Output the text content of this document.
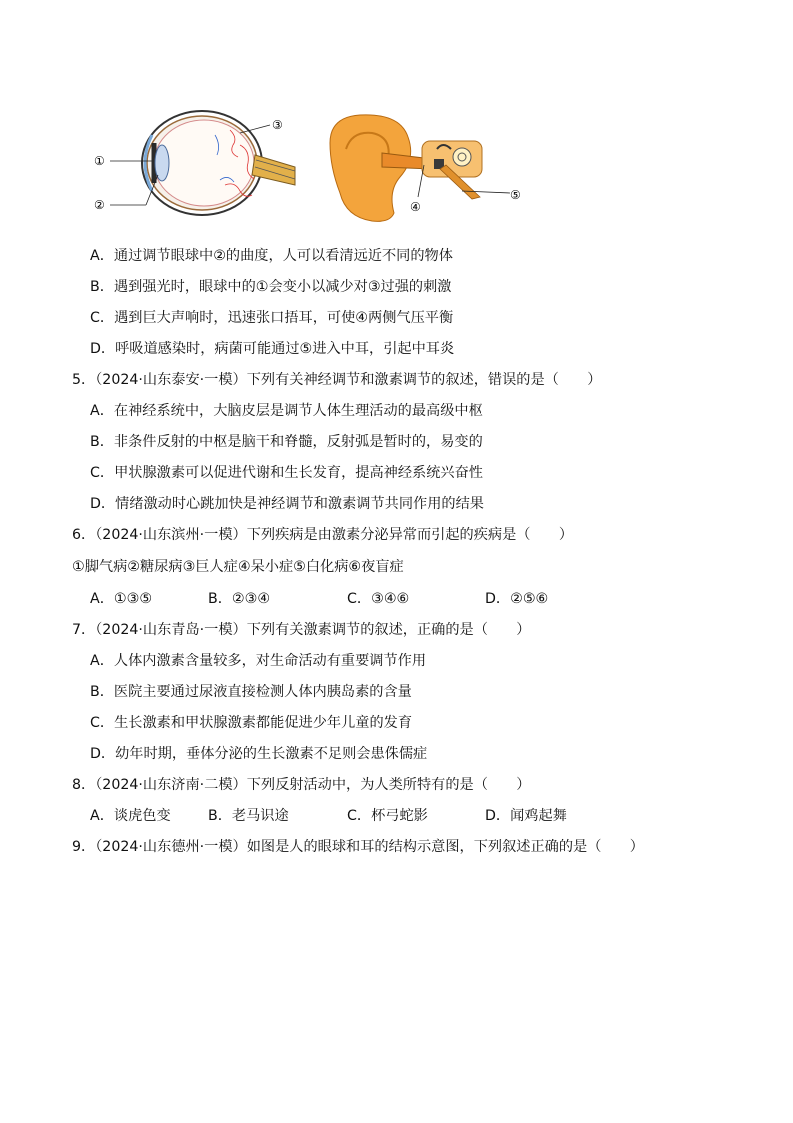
①
②
③
④
⑤
A．通过调节眼球中②的曲度，人可以看清远近不同的物体
B．遇到强光时，眼球中的①会变小以减少对③过强的刺激
C．遇到巨大声响时，迅速张口捂耳，可使④两侧气压平衡
D．呼吸道感染时，病菌可能通过⑤进入中耳，引起中耳炎
5．（2024·山东泰安·一模）下列有关神经调节和激素调节的叙述，错误的是（　　）
A．在神经系统中，大脑皮层是调节人体生理活动的最高级中枢
B．非条件反射的中枢是脑干和脊髓，反射弧是暂时的，易变的
C．甲状腺激素可以促进代谢和生长发育，提高神经系统兴奋性
D．情绪激动时心跳加快是神经调节和激素调节共同作用的结果
6．（2024·山东滨州·一模）下列疾病是由激素分泌异常而引起的疾病是（　　）
①脚气病②糖尿病③巨人症④呆小症⑤白化病⑥夜盲症
A．①③⑤	B．②③④	C．③④⑥	D．②⑤⑥
7．（2024·山东青岛·一模）下列有关激素调节的叙述，正确的是（　　）
A．人体内激素含量较多，对生命活动有重要调节作用
B．医院主要通过尿液直接检测人体内胰岛素的含量
C．生长激素和甲状腺激素都能促进少年儿童的发育
D．幼年时期，垂体分泌的生长激素不足则会患侏儒症
8．（2024·山东济南·二模）下列反射活动中，为人类所特有的是（　　）
A．谈虎色变	B．老马识途	C．杯弓蛇影	D．闻鸡起舞
9．（2024·山东德州·一模）如图是人的眼球和耳的结构示意图，下列叙述正确的是（　　）
